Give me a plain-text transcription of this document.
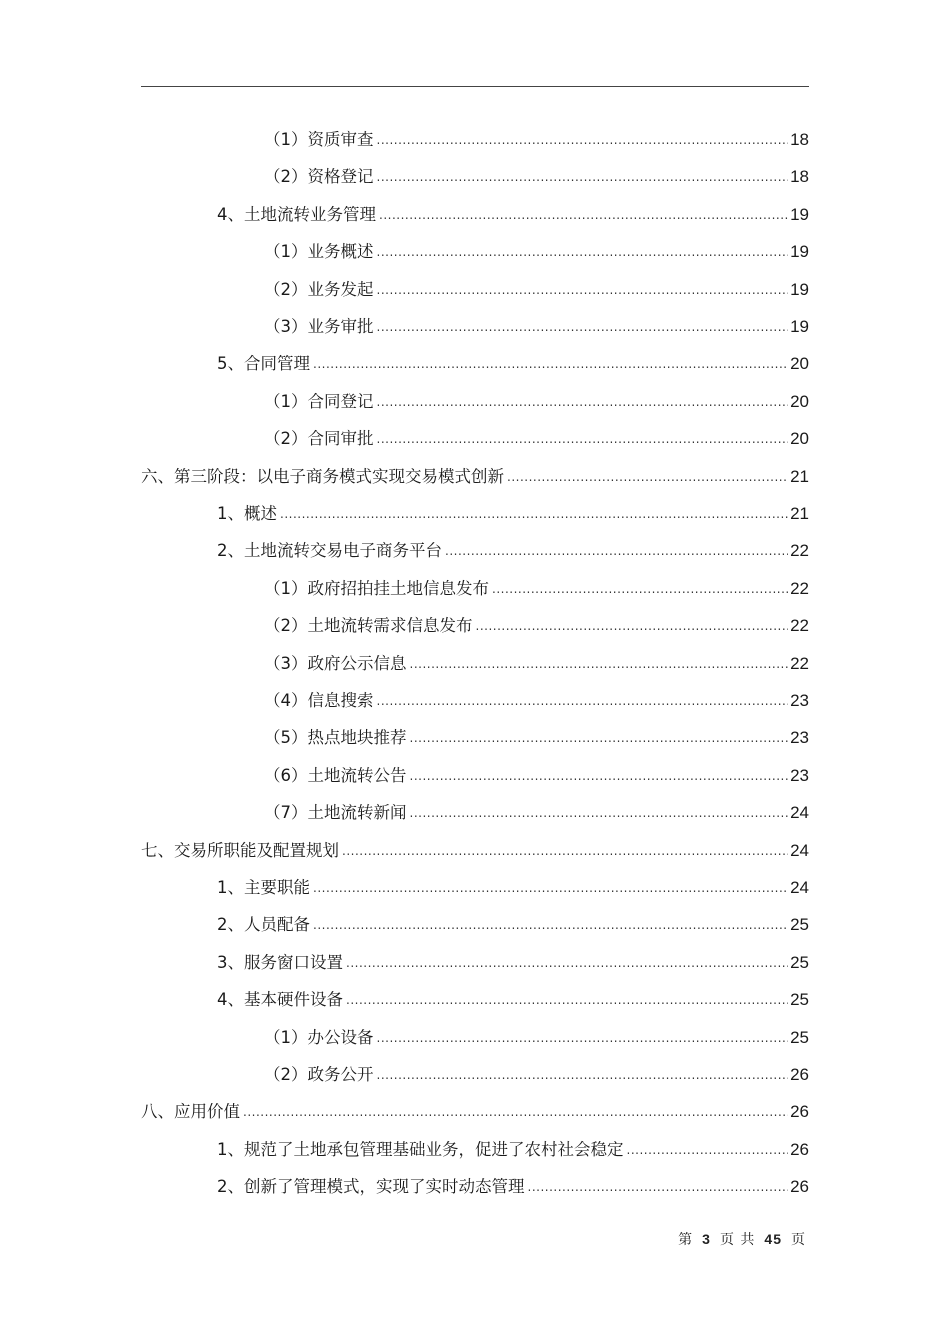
（1）资质审查 .....	18
（2）资格登记 .....	18
4、土地流转业务管理 .....	19
（1）业务概述 .....	19
（2）业务发起 .....	19
（3）业务审批 .....	19
5、合同管理 .....	20
（1）合同登记 .....	20
（2）合同审批 .....	20
六、第三阶段：以电子商务模式实现交易模式创新 .....	21
1、概述 .....	21
2、土地流转交易电子商务平台 .....	22
（1）政府招拍挂土地信息发布 .....	22
（2）土地流转需求信息发布 .....	22
（3）政府公示信息 .....	22
（4）信息搜索 .....	23
（5）热点地块推荐 .....	23
（6）土地流转公告 .....	23
（7）土地流转新闻 .....	24
七、交易所职能及配置规划 .....	24
1、主要职能 .....	24
2、人员配备 .....	25
3、服务窗口设置 .....	25
4、基本硬件设备 .....	25
（1）办公设备 .....	25
（2）政务公开 .....	26
八、应用价值 .....	26
1、规范了土地承包管理基础业务，促进了农村社会稳定 .....	26
2、创新了管理模式，实现了实时动态管理 .....	26
第 3 页 共 45 页
